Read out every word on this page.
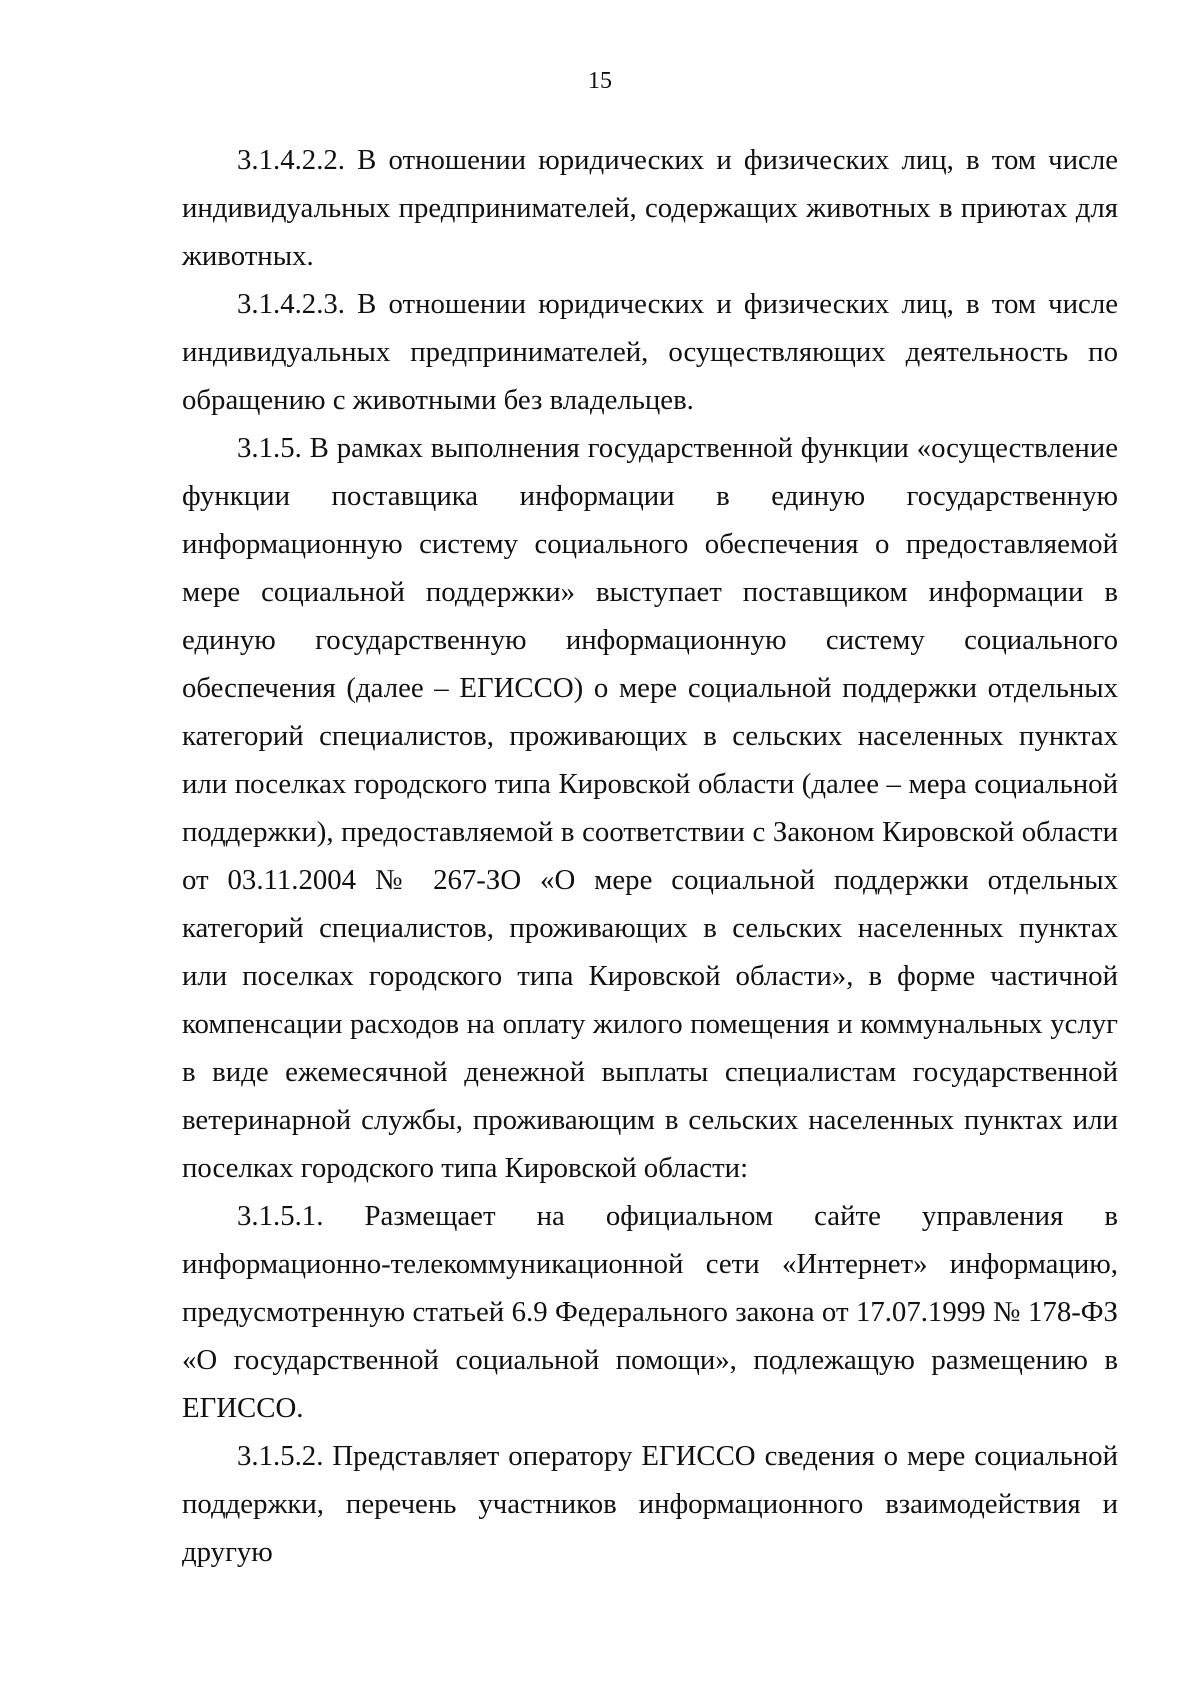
15

3.1.4.2.2. В отношении юридических и физических лиц, в том числе индивидуальных предпринимателей, содержащих животных в приютах для животных.

3.1.4.2.3. В отношении юридических и физических лиц, в том числе индивидуальных предпринимателей, осуществляющих деятельность по обращению с животными без владельцев.

3.1.5. В рамках выполнения государственной функции «осуществление функции поставщика информации в единую государственную информационную систему социального обеспечения о предоставляемой мере социальной поддержки» выступает поставщиком информации в единую государственную информационную систему социального обеспечения (далее – ЕГИССО) о мере социальной поддержки отдельных категорий специалистов, проживающих в сельских населенных пунктах или поселках городского типа Кировской области (далее – мера социальной поддержки), предоставляемой в соответствии с Законом Кировской области от 03.11.2004 № 267-ЗО «О мере социальной поддержки отдельных категорий специалистов, проживающих в сельских населенных пунктах или поселках городского типа Кировской области», в форме частичной компенсации расходов на оплату жилого помещения и коммунальных услуг в виде ежемесячной денежной выплаты специалистам государственной ветеринарной службы, проживающим в сельских населенных пунктах или поселках городского типа Кировской области:

3.1.5.1. Размещает на официальном сайте управления в информационно-телекоммуникационной сети «Интернет» информацию, предусмотренную статьей 6.9 Федерального закона от 17.07.1999 № 178-ФЗ «О государственной социальной помощи», подлежащую размещению в ЕГИССО.

3.1.5.2. Представляет оператору ЕГИССО сведения о мере социальной поддержки, перечень участников информационного взаимодействия и другую
